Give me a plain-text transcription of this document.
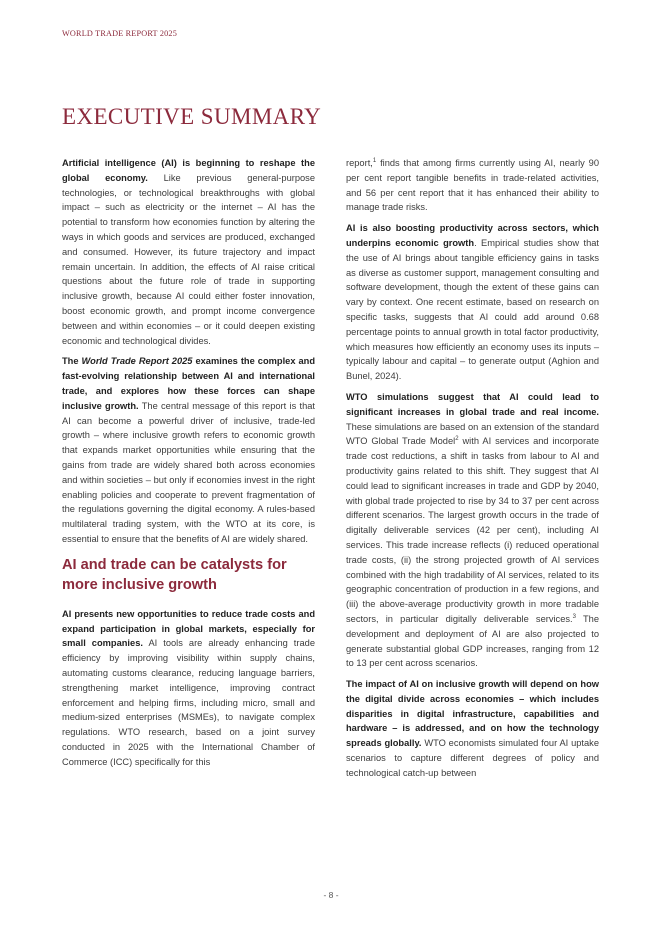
WORLD TRADE REPORT 2025
EXECUTIVE SUMMARY

Artificial intelligence (AI) is beginning to reshape the global economy. Like previous general-purpose technologies, or technological breakthroughs with global impact – such as electricity or the internet – AI has the potential to transform how economies function by altering the ways in which goods and services are produced, exchanged and consumed. However, its future trajectory and impact remain uncertain. In addition, the effects of AI raise critical questions about the future role of trade in supporting inclusive growth, because AI could either foster innovation, boost economic growth, and prompt income convergence between and within economies – or it could deepen existing economic and technological divides.

The World Trade Report 2025 examines the complex and fast-evolving relationship between AI and international trade, and explores how these forces can shape inclusive growth. The central message of this report is that AI can become a powerful driver of inclusive, trade-led growth – where inclusive growth refers to economic growth that expands market opportunities while ensuring that the gains from trade are widely shared both across economies and within societies – but only if economies invest in the right enabling policies and cooperate to prevent fragmentation of the regulations governing the digital economy. A rules-based multilateral trading system, with the WTO at its core, is essential to ensure that the benefits of AI are widely shared.

AI and trade can be catalysts for more inclusive growth

AI presents new opportunities to reduce trade costs and expand participation in global markets, especially for small companies. AI tools are already enhancing trade efficiency by improving visibility within supply chains, automating customs clearance, reducing language barriers, strengthening market intelligence, improving contract enforcement and helping firms, including micro, small and medium-sized enterprises (MSMEs), to navigate complex regulations. WTO research, based on a joint survey conducted in 2025 with the International Chamber of Commerce (ICC) specifically for this

report,$^1$ finds that among firms currently using AI, nearly 90 per cent report tangible benefits in trade-related activities, and 56 per cent report that it has enhanced their ability to manage trade risks.

AI is also boosting productivity across sectors, which underpins economic growth. Empirical studies show that the use of AI brings about tangible efficiency gains in tasks as diverse as customer support, management consulting and software development, though the extent of these gains can vary by context. One recent estimate, based on research on specific tasks, suggests that AI could add around 0.68 percentage points to annual growth in total factor productivity, which measures how efficiently an economy uses its inputs – typically labour and capital – to generate output (Aghion and Bunel, 2024).

WTO simulations suggest that AI could lead to significant increases in global trade and real income. These simulations are based on an extension of the standard WTO Global Trade Model$^2$ with AI services and incorporate trade cost reductions, a shift in tasks from labour to AI and productivity gains related to this shift. They suggest that AI could lead to significant increases in trade and GDP by 2040, with global trade projected to rise by 34 to 37 per cent across different scenarios. The largest growth occurs in the trade of digitally deliverable services (42 per cent), including AI services. This trade increase reflects (i) reduced operational trade costs, (ii) the strong projected growth of AI services combined with the high tradability of AI services, related to its geographic concentration of production in a few regions, and (iii) the above-average productivity growth in more tradable sectors, in particular digitally deliverable services.$^3$ The development and deployment of AI are also projected to generate substantial global GDP increases, ranging from 12 to 13 per cent across scenarios.

The impact of AI on inclusive growth will depend on how the digital divide across economies – which includes disparities in digital infrastructure, capabilities and hardware – is addressed, and on how the technology spreads globally. WTO economists simulated four AI uptake scenarios to capture different degrees of policy and technological catch-up between

- 8 -
